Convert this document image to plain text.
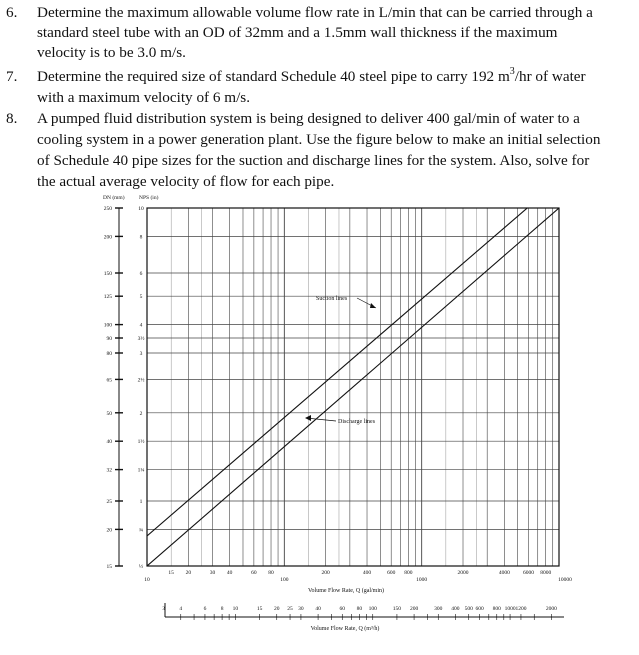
6.	Determine the maximum allowable volume flow rate in L/min that can be carried through a
standard steel tube with an OD of 32mm and a 1.5mm wall thickness if the maximum
velocity is to be 3.0 m/s.
7.	Determine the required size of standard Schedule 40 steel pipe to carry 192 $m^3/hr$ of water
with a maximum velocity of 6 m/s.
8.	A pumped fluid distribution system is being designed to deliver 400 gal/min of water to a
cooling system in a power generation plant. Use the figure below to make an initial selection
of Schedule 40 pipe sizes for the suction and discharge lines for the system. Also, solve for
the actual average velocity of flow for each pipe.
DN (mm)	NPS (in)
250	10
200	8
150	6
125	5
100	4
90	3½
80	3
65	2½
50	2
40	1½
32	1¼
25	1
20	¾
15	½
Suction lines
Discharge lines
15 20	30 40	60 80	200	400	600 800	2000	4000 6000 8000
10	100	1000	10000
Volume Flow Rate, Q (gal/min)
3	4	6	8 10	15 20 25 30 40	60 80 100	150 200	300 400 500 600 800 1000 1200	2000
Volume Flow Rate, Q (m³/h)
